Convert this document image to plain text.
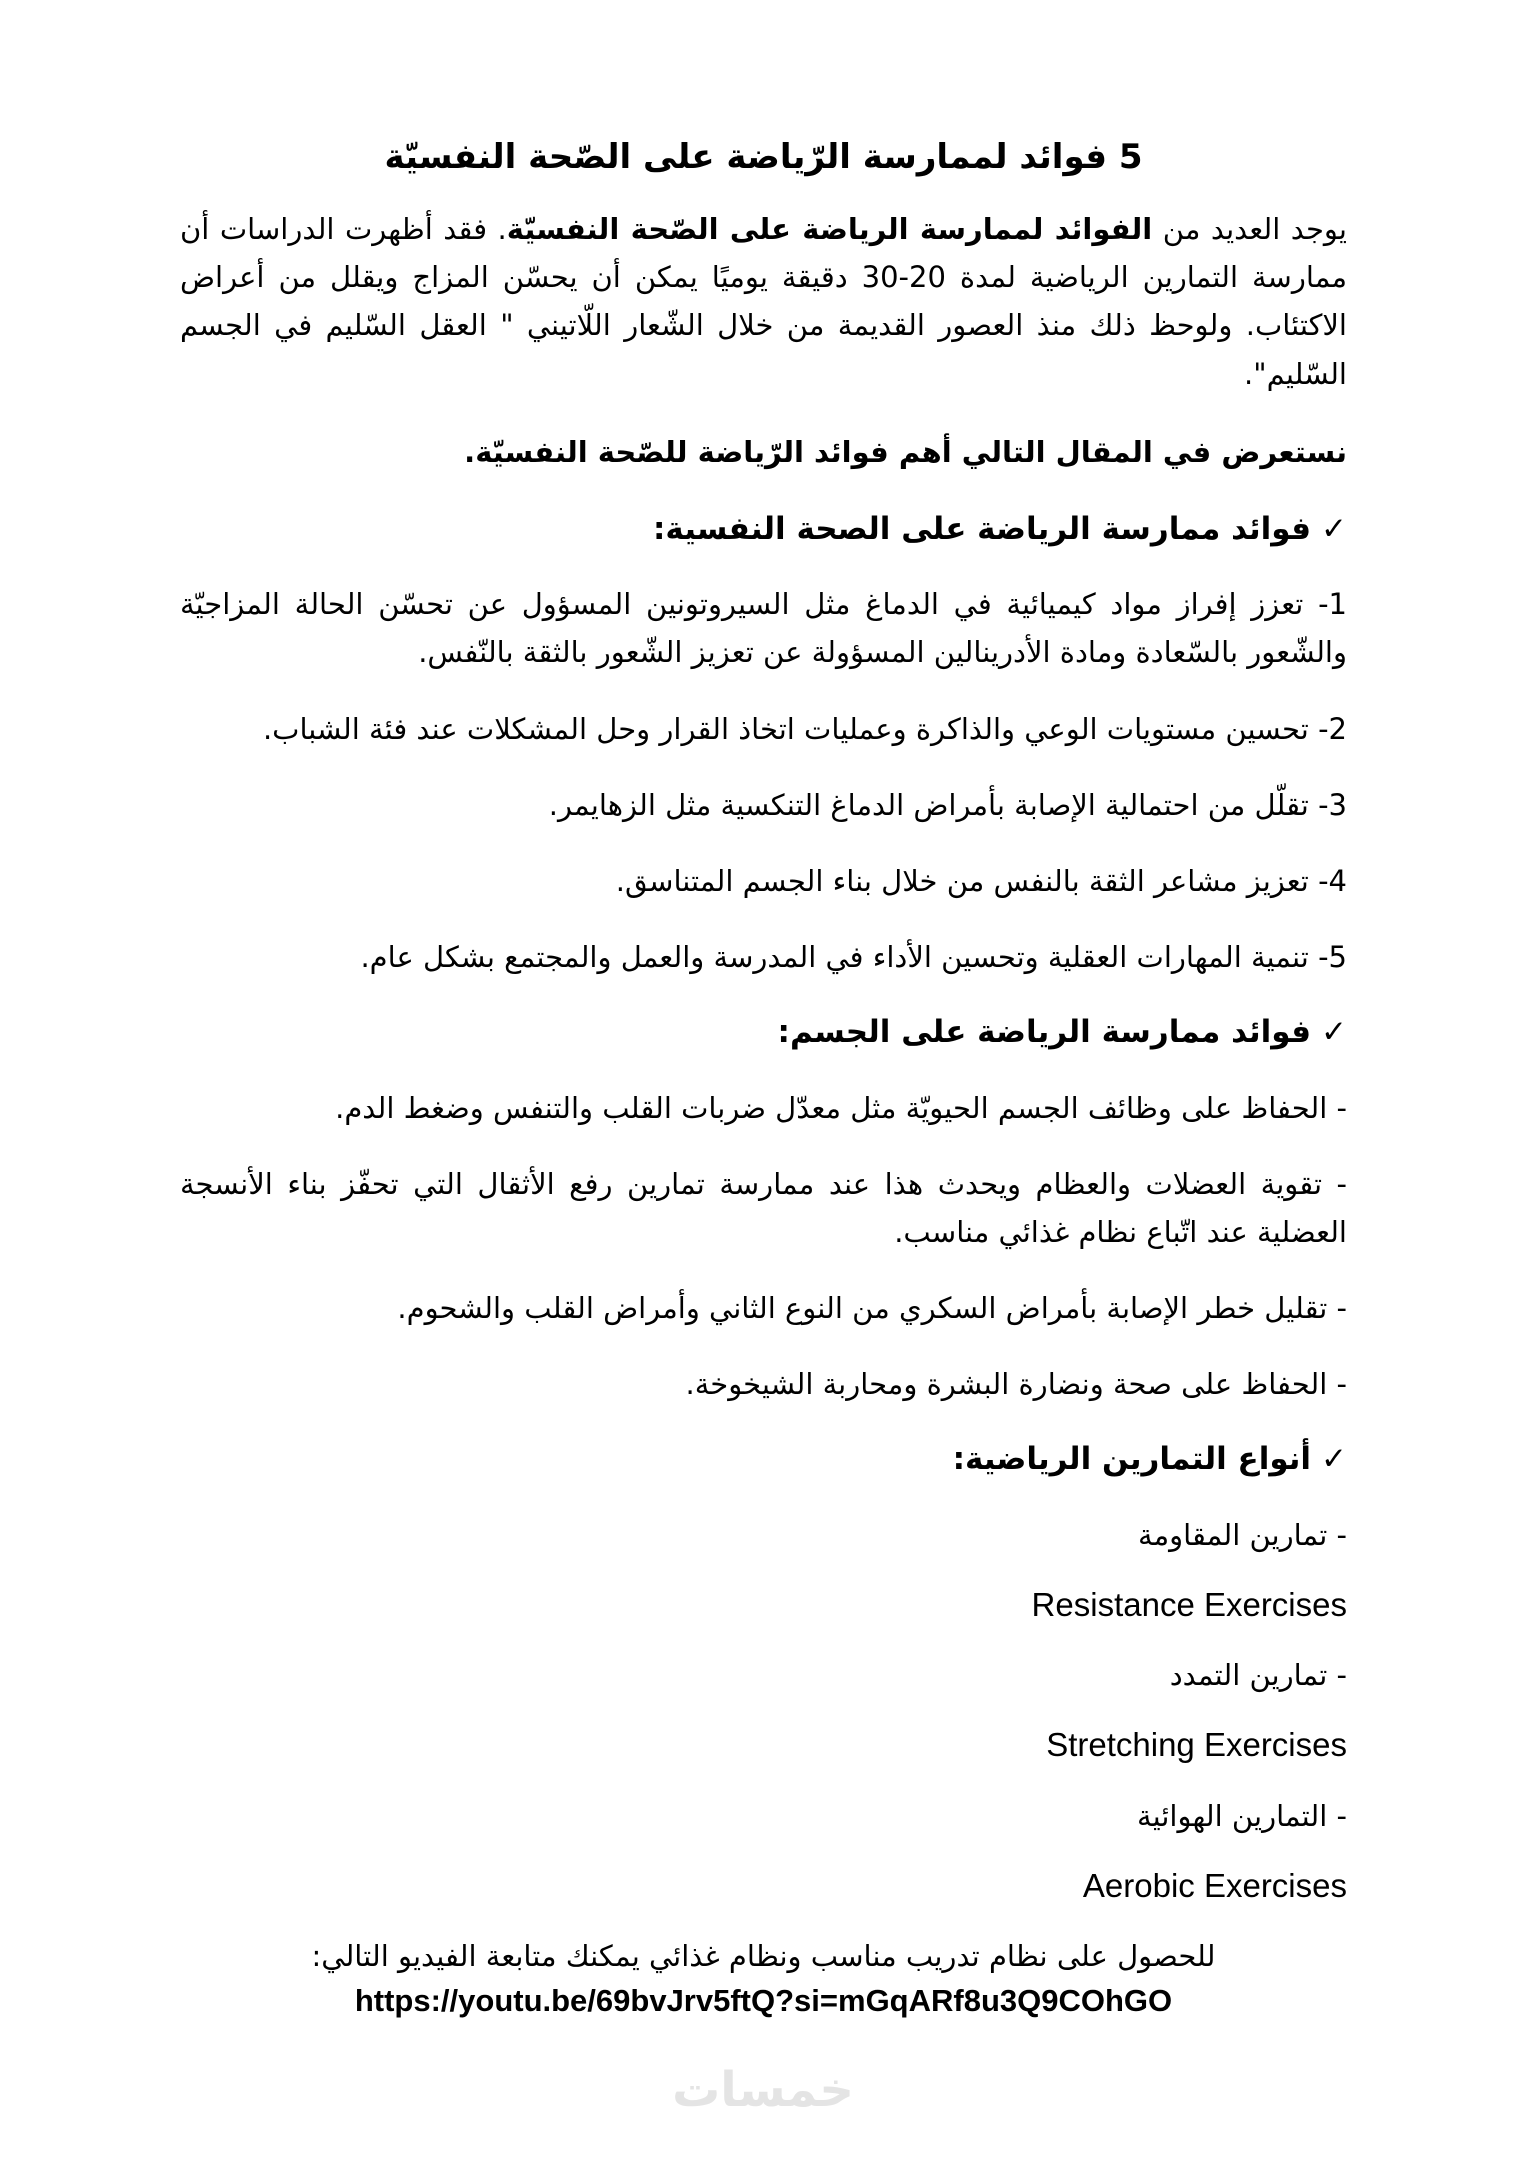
5 فوائد لممارسة الرّياضة على الصّحة النفسيّة

يوجد العديد من الفوائد لممارسة الرياضة على الصّحة النفسيّة. فقد أظهرت الدراسات أن ممارسة التمارين الرياضية لمدة 20-30 دقيقة يوميًا يمكن أن يحسّن المزاج ويقلل من أعراض الاكتئاب. ولوحظ ذلك منذ العصور القديمة من خلال الشّعار اللّاتيني " العقل السّليم في الجسم السّليم".

نستعرض في المقال التالي أهم فوائد الرّياضة للصّحة النفسيّة.

✓فوائد ممارسة الرياضة على الصحة النفسية:

1- تعزز إفراز مواد كيميائية في الدماغ مثل السيروتونين المسؤول عن تحسّن الحالة المزاجيّة والشّعور بالسّعادة ومادة الأدرينالين المسؤولة عن تعزيز الشّعور بالثقة بالنّفس.

2- تحسين مستويات الوعي والذاكرة وعمليات اتخاذ القرار وحل المشكلات عند فئة الشباب.

3- تقلّل من احتمالية الإصابة بأمراض الدماغ التنكسية مثل الزهايمر.

4- تعزيز مشاعر الثقة بالنفس من خلال بناء الجسم المتناسق.

5- تنمية المهارات العقلية وتحسين الأداء في المدرسة والعمل والمجتمع بشكل عام.

✓فوائد ممارسة الرياضة على الجسم:

- الحفاظ على وظائف الجسم الحيويّة مثل معدّل ضربات القلب والتنفس وضغط الدم.

- تقوية العضلات والعظام ويحدث هذا عند ممارسة تمارين رفع الأثقال التي تحفّز بناء الأنسجة العضلية عند اتّباع نظام غذائي مناسب.

- تقليل خطر الإصابة بأمراض السكري من النوع الثاني وأمراض القلب والشحوم.

- الحفاظ على صحة ونضارة البشرة ومحاربة الشيخوخة.

✓أنواع التمارين الرياضية:

- تمارين المقاومة

Resistance Exercises

- تمارين التمدد

Stretching Exercises

- التمارين الهوائية

Aerobic Exercises

للحصول على نظام تدريب مناسب ونظام غذائي يمكنك متابعة الفيديو التالي:

https://youtu.be/69bvJrv5ftQ?si=mGqARf8u3Q9COhGO

خمسات
